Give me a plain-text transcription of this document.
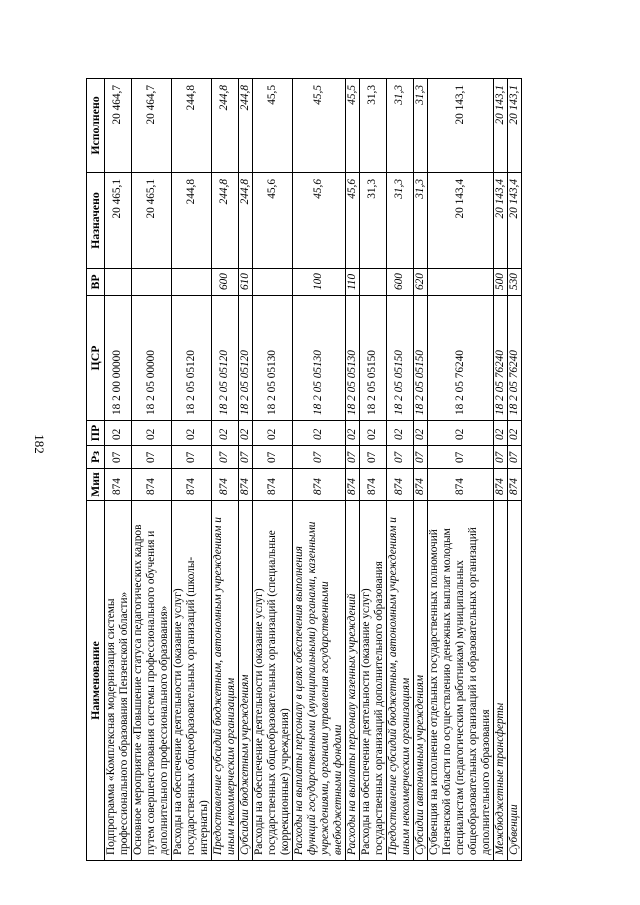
182
Наименование	Мин	Рз	ПР	ЦСР	ВР	Назначено	Исполнено
Подпрограмма «Комплексная модернизация системы профессионального образования Пензенской области»	874	07	02	18 2 00 00000		20 465,1	20 464,7
Основное мероприятие «Повышение статуса педагогических кадров путем совершенствования системы профессионального обучения и дополнительного профессионального образования»	874	07	02	18 2 05 00000		20 465,1	20 464,7
Расходы на обеспечение деятельности (оказание услуг) государственных общеобразовательных организаций (школы-интернаты)	874	07	02	18 2 05 05120		244,8	244,8
Предоставление субсидий бюджетным, автономным учреждениям и иным некоммерческим организациям	874	07	02	18 2 05 05120	600	244,8	244,8
Субсидии бюджетным учреждениям	874	07	02	18 2 05 05120	610	244,8	244,8
Расходы на обеспечение деятельности (оказание услуг) государственных общеобразовательных организаций (специальные (коррекционные) учреждения)	874	07	02	18 2 05 05130		45,6	45,5
Расходы на выплаты персоналу в целях обеспечения выполнения функций государственными (муниципальными) органами, казенными учреждениями, органами управления государственными внебюджетными фондами	874	07	02	18 2 05 05130	100	45,6	45,5
Расходы на выплаты персоналу казенных учреждений	874	07	02	18 2 05 05130	110	45,6	45,5
Расходы на обеспечение деятельности (оказание услуг) государственных организаций дополнительного образования	874	07	02	18 2 05 05150		31,3	31,3
Предоставление субсидий бюджетным, автономным учреждениям и иным некоммерческим организациям	874	07	02	18 2 05 05150	600	31,3	31,3
Субсидии автономным учреждениям	874	07	02	18 2 05 05150	620	31,3	31,3
Субвенция на исполнение отдельных государственных полномочий Пензенской области по осуществлению денежных выплат молодым специалистам (педагогическим работникам) муниципальных общеобразовательных организаций и образовательных организаций дополнительного образования	874	07	02	18 2 05 76240		20 143,4	20 143,1
Межбюджетные трансферты	874	07	02	18 2 05 76240	500	20 143,4	20 143,1
Субвенции	874	07	02	18 2 05 76240	530	20 143,4	20 143,1
